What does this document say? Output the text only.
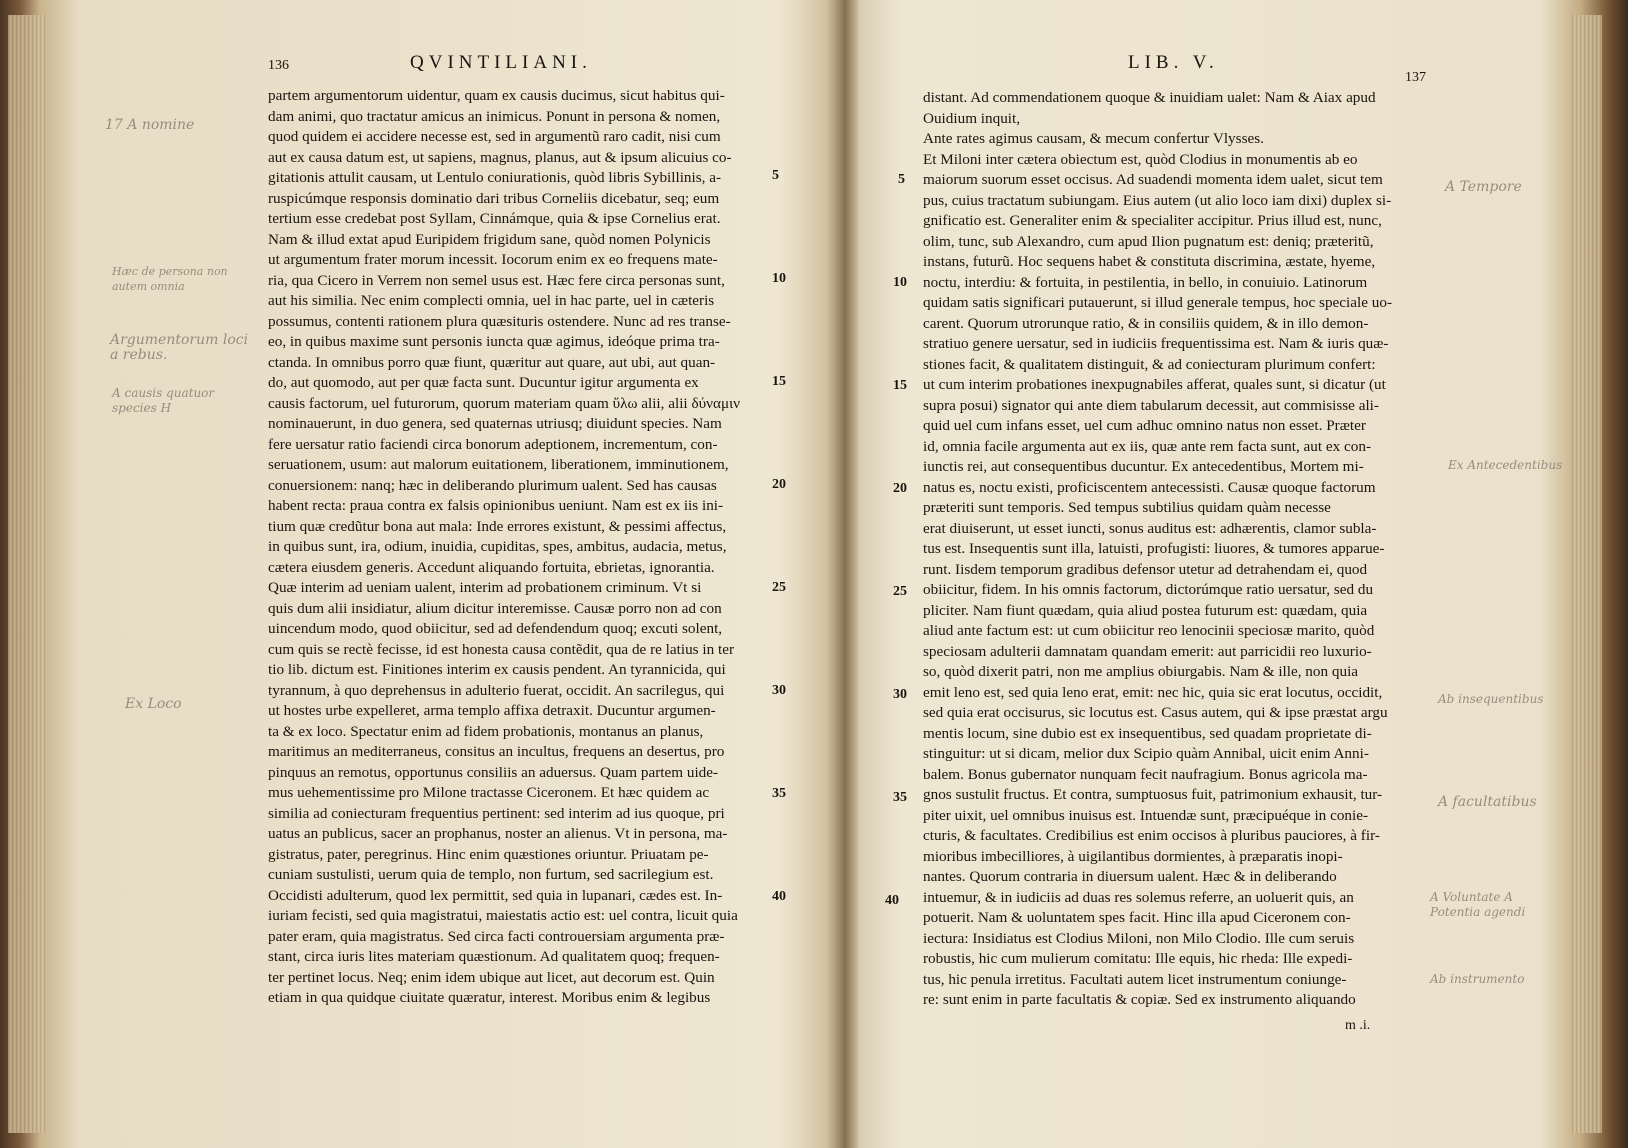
136	QVINTILIANI.
partem argumentorum uidentur, quam ex causis ducimus, sicut habitus qui-
dam animi, quo tractatur amicus an inimicus. Ponunt in persona & nomen,
quod quidem ei accidere necesse est, sed in argumentũ raro cadit, nisi cum
aut ex causa datum est, ut sapiens, magnus, planus, aut & ipsum alicuius co-
gitationis attulit causam, ut Lentulo coniurationis, quòd libris Sybillinis, a-
ruspicúmque responsis dominatio dari tribus Corneliis dicebatur, seq; eum
tertium esse credebat post Syllam, Cinnámque, quia & ipse Cornelius erat.
Nam & illud extat apud Euripidem frigidum sane, quòd nomen Polynicis
ut argumentum frater morum incessit. Iocorum enim ex eo frequens mate-
ria, qua Cicero in Verrem non semel usus est. Hæc fere circa personas sunt,
aut his similia. Nec enim complecti omnia, uel in hac parte, uel in cæteris
possumus, contenti rationem plura quæsituris ostendere. Nunc ad res transe-
eo, in quibus maxime sunt personis iuncta quæ agimus, ideóque prima tra-
ctanda. In omnibus porro quæ fiunt, quæritur aut quare, aut ubi, aut quan-
do, aut quomodo, aut per quæ facta sunt. Ducuntur igitur argumenta ex
causis factorum, uel futurorum, quorum materiam quam ὕλω alii, alii δύναμιν
nominauerunt, in duo genera, sed quaternas utriusq; diuidunt species. Nam
fere uersatur ratio faciendi circa bonorum adeptionem, incrementum, con-
seruationem, usum: aut malorum euitationem, liberationem, imminutionem,
conuersionem: nanq; hæc in deliberando plurimum ualent. Sed has causas
habent recta: praua contra ex falsis opinionibus ueniunt. Nam est ex iis ini-
tium quæ credũtur bona aut mala: Inde errores existunt, & pessimi affectus,
in quibus sunt, ira, odium, inuidia, cupiditas, spes, ambitus, audacia, metus,
cætera eiusdem generis. Accedunt aliquando fortuita, ebrietas, ignorantia.
Quæ interim ad ueniam ualent, interim ad probationem criminum. Vt si
quis dum alii insidiatur, alium dicitur interemisse. Causæ porro non ad con
uincendum modo, quod obiicitur, sed ad defendendum quoq; excuti solent,
cum quis se rectè fecisse, id est honesta causa contẽdit, qua de re latius in ter
tio lib. dictum est. Finitiones interim ex causis pendent. An tyrannicida, qui
tyrannum, à quo deprehensus in adulterio fuerat, occidit. An sacrilegus, qui
ut hostes urbe expelleret, arma templo affixa detraxit. Ducuntur argumen-
ta & ex loco. Spectatur enim ad fidem probationis, montanus an planus,
maritimus an mediterraneus, consitus an incultus, frequens an desertus, pro
pinquus an remotus, opportunus consiliis an aduersus. Quam partem uide-
mus uehementissime pro Milone tractasse Ciceronem. Et hæc quidem ac
similia ad coniecturam frequentius pertinent: sed interim ad ius quoque, pri
uatus an publicus, sacer an prophanus, noster an alienus. Vt in persona, ma-
gistratus, pater, peregrinus. Hinc enim quæstiones oriuntur. Priuatam pe-
cuniam sustulisti, uerum quia de templo, non furtum, sed sacrilegium est.
Occidisti adulterum, quod lex permittit, sed quia in lupanari, cædes est. In-
iuriam fecisti, sed quia magistratui, maiestatis actio est: uel contra, licuit quia
pater eram, quia magistratus. Sed circa facti controuersiam argumenta præ-
stant, circa iuris lites materiam quæstionum. Ad qualitatem quoq; frequen-
ter pertinet locus. Neq; enim idem ubique aut licet, aut decorum est. Quin
etiam in qua quidque ciuitate quæratur, interest. Moribus enim & legibus
5
10
15
20
25
30
35
40
17 A nomine
Hæc de persona non autem omnia
Argumentorum loci a rebus.
A causis quatuor species H
Ex Loco
LIB. V.
137
distant. Ad commendationem quoque & inuidiam ualet: Nam & Aiax apud
Ouidium inquit,
Ante rates agimus causam, & mecum confertur Vlysses.
Et Miloni inter cætera obiectum est, quòd Clodius in monumentis ab eo
maiorum suorum esset occisus. Ad suadendi momenta idem ualet, sicut tem
pus, cuius tractatum subiungam. Eius autem (ut alio loco iam dixi) duplex si-
gnificatio est. Generaliter enim & specialiter accipitur. Prius illud est, nunc,
olim, tunc, sub Alexandro, cum apud Ilion pugnatum est: deniq; præteritũ,
instans, futurũ. Hoc sequens habet & constituta discrimina, æstate, hyeme,
noctu, interdiu: & fortuita, in pestilentia, in bello, in conuiuio. Latinorum
quidam satis significari putauerunt, si illud generale tempus, hoc speciale uo-
carent. Quorum utrorunque ratio, & in consiliis quidem, & in illo demon-
stratiuo genere uersatur, sed in iudiciis frequentissima est. Nam & iuris quæ-
stiones facit, & qualitatem distinguit, & ad coniecturam plurimum confert:
ut cum interim probationes inexpugnabiles afferat, quales sunt, si dicatur (ut
supra posui) signator qui ante diem tabularum decessit, aut commisisse ali-
quid uel cum infans esset, uel cum adhuc omnino natus non esset. Præter
id, omnia facile argumenta aut ex iis, quæ ante rem facta sunt, aut ex con-
iunctis rei, aut consequentibus ducuntur. Ex antecedentibus, Mortem mi-
natus es, noctu existi, proficiscentem antecessisti. Causæ quoque factorum
præteriti sunt temporis. Sed tempus subtilius quidam quàm necesse
erat diuiserunt, ut esset iuncti, sonus auditus est: adhærentis, clamor subla-
tus est. Insequentis sunt illa, latuisti, profugisti: liuores, & tumores apparue-
runt. Iisdem temporum gradibus defensor utetur ad detrahendam ei, quod
obiicitur, fidem. In his omnis factorum, dictorúmque ratio uersatur, sed du
pliciter. Nam fiunt quædam, quia aliud postea futurum est: quædam, quia
aliud ante factum est: ut cum obiicitur reo lenocinii speciosæ marito, quòd
speciosam adulterii damnatam quandam emerit: aut parricidii reo luxurio-
so, quòd dixerit patri, non me amplius obiurgabis. Nam & ille, non quia
emit leno est, sed quia leno erat, emit: nec hic, quia sic erat locutus, occidit,
sed quia erat occisurus, sic locutus est. Casus autem, qui & ipse præstat argu
mentis locum, sine dubio est ex insequentibus, sed quadam proprietate di-
stinguitur: ut si dicam, melior dux Scipio quàm Annibal, uicit enim Anni-
balem. Bonus gubernator nunquam fecit naufragium. Bonus agricola ma-
gnos sustulit fructus. Et contra, sumptuosus fuit, patrimonium exhausit, tur-
piter uixit, uel omnibus inuisus est. Intuendæ sunt, præcipuéque in conie-
cturis, & facultates. Credibilius est enim occisos à pluribus pauciores, à fir-
mioribus imbecilliores, à uigilantibus dormientes, à præparatis inopi-
nantes. Quorum contraria in diuersum ualent. Hæc & in deliberando
intuemur, & in iudiciis ad duas res solemus referre, an uoluerit quis, an
potuerit. Nam & uoluntatem spes facit. Hinc illa apud Ciceronem con-
iectura: Insidiatus est Clodius Miloni, non Milo Clodio. Ille cum seruis
robustis, hic cum mulierum comitatu: Ille equis, hic rheda: Ille expedi-
tus, hic penula irretitus. Facultati autem licet instrumentum coniunge-
re: sunt enim in parte facultatis & copiæ. Sed ex instrumento aliquando
5
10
15
20
25
30
35
40
m .i.
A Tempore
Ex Antecedentibus
Ab insequentibus
A facultatibus
A Voluntate A Potentia agendi
Ab instrumento
